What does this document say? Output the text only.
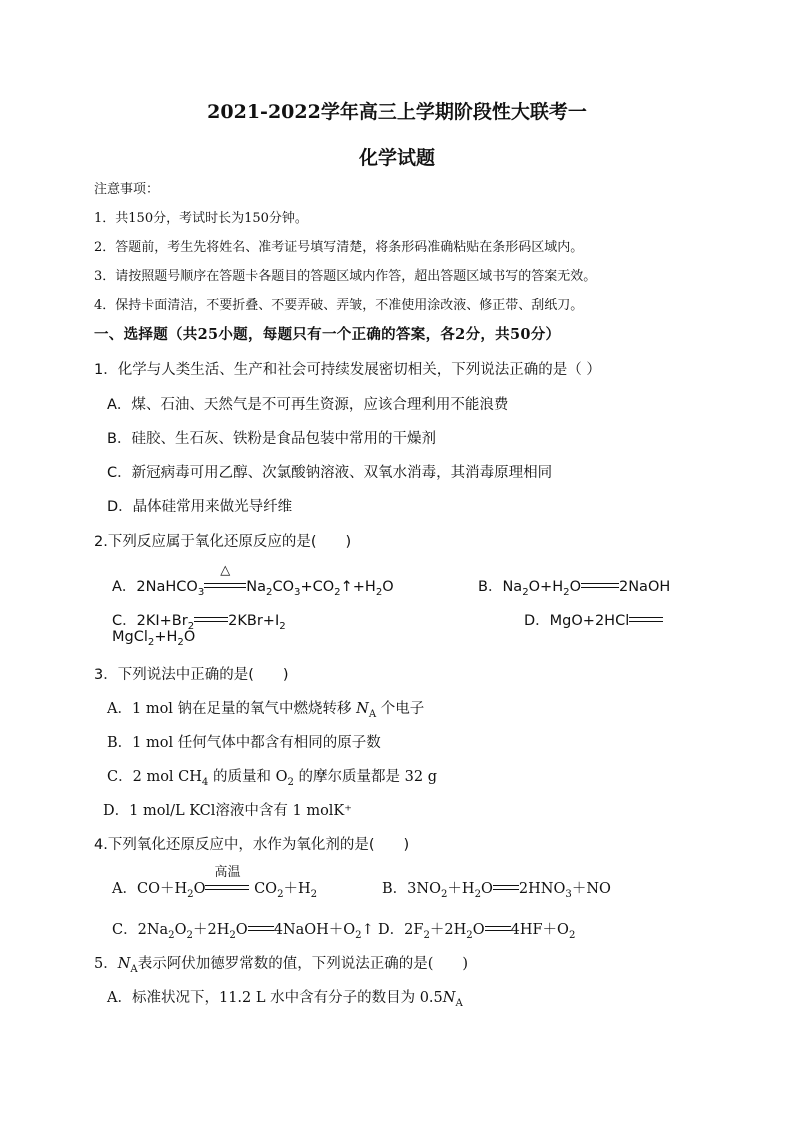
2021-2022学年高三上学期阶段性大联考一
化学试题
注意事项：
1．共150分，考试时长为150分钟。
2．答题前，考生先将姓名、准考证号填写清楚，将条形码准确粘贴在条形码区域内。
3．请按照题号顺序在答题卡各题目的答题区域内作答，超出答题区域书写的答案无效。
4．保持卡面清洁，不要折叠、不要弄破、弄皱，不准使用涂改液、修正带、刮纸刀。
一、选择题（共25小题，每题只有一个正确的答案，各2分，共50分）
1．化学与人类生活、生产和社会可持续发展密切相关，下列说法正确的是（ ）
A．煤、石油、天然气是不可再生资源，应该合理利用不能浪费
B．硅胶、生石灰、铁粉是食品包装中常用的干燥剂
C．新冠病毒可用乙醇、次氯酸钠溶液、双氧水消毒，其消毒原理相同
D．晶体硅常用来做光导纤维
2.下列反应属于氧化还原反应的是(　　)
A．2NaHCO$_3$
△
$Na_2CO_3+CO_2↑+H_2O$	B．$Na_2O+H_2O$	2NaOH
C．$2KI+Br_2$ $2KBr+I_2$	D．MgO+2HCl
$MgCl_2+H_2O$
3．下列说法中正确的是(　　)
A．1 mol 钠在足量的氧气中燃烧转移 $N_A$ 个电子
B．1 mol 任何气体中都含有相同的原子数
C．2 mol $CH_4$ 的质量和 $O_2$ 的摩尔质量都是 32 g
D．1 mol/L KCl溶液中含有 1 molK⁺
4.下列氧化还原反应中，水作为氧化剂的是(　　)
A．$CO+H_2O$
高温
$CO_2+H_2$	B．$3NO_2+H_2O$ $2HNO_3+NO$
C．$2Na_2O_2+2H_2O$ $4NaOH+O_2↑$ D．$2F_2+2H_2O$ $4HF+O_2$
5．$N_A$表示阿伏加德罗常数的值，下列说法正确的是(　　)
A．标准状况下，11.2 L 水中含有分子的数目为 $0.5N_A$
